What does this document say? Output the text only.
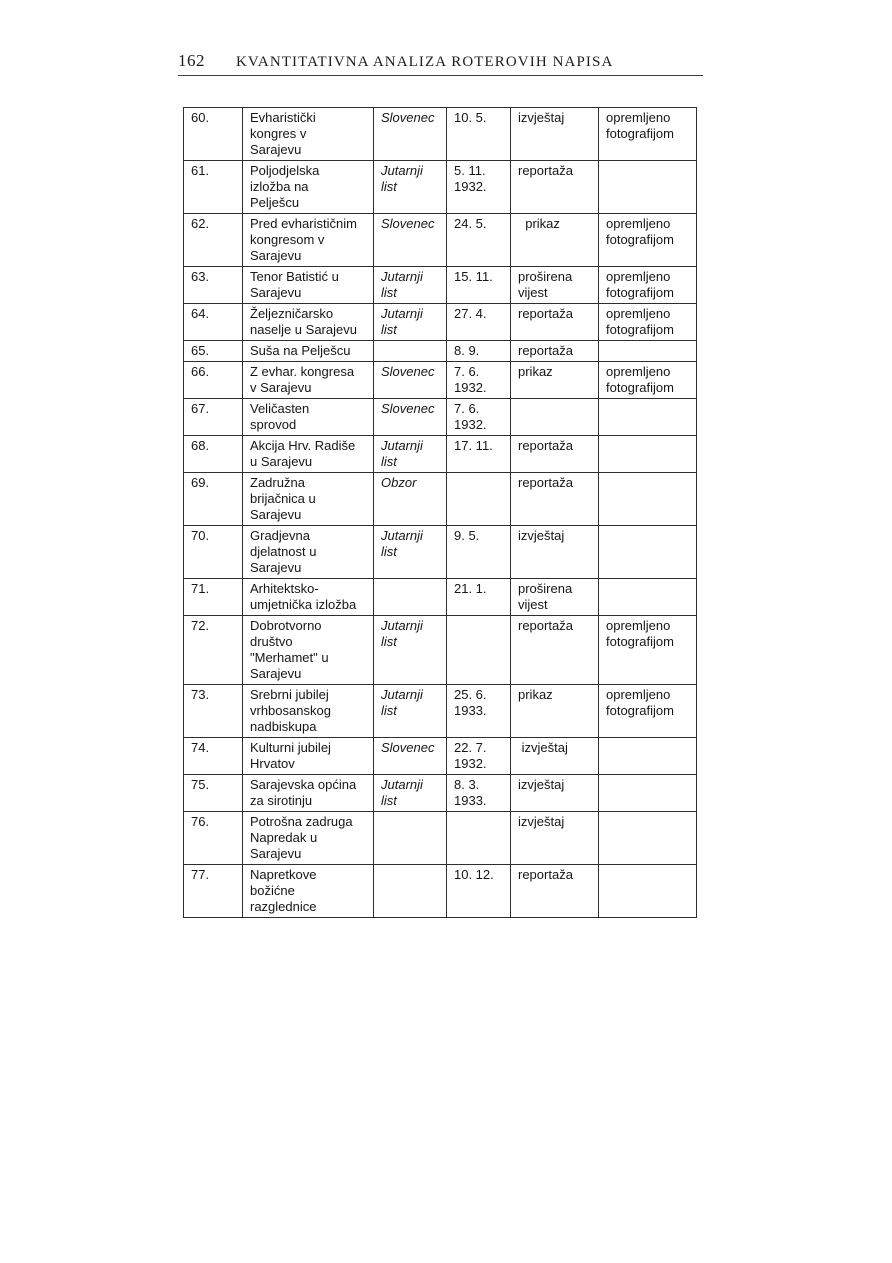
162 KVANTITATIVNA ANALIZA ROTEROVIH NAPISA
60.	Evharistički kongres v Sarajevu	Slovenec	10. 5.	izvještaj	opremljeno fotografijom
61.	Poljodjelska izložba na Pelješcu	Jutarnji list	5. 11. 1932.	reportaža	
62.	Pred evharističnim kongresom v Sarajevu	Slovenec	24. 5.	prikaz	opremljeno fotografijom
63.	Tenor Batistić u Sarajevu	Jutarnji list	15. 11.	proširena vijest	opremljeno fotografijom
64.	Željezničarsko naselje u Sarajevu	Jutarnji list	27. 4.	reportaža	opremljeno fotografijom
65.	Suša na Pelješcu		8. 9.	reportaža	
66.	Z evhar. kongresa v Sarajevu	Slovenec	7. 6. 1932.	prikaz	opremljeno fotografijom
67.	Veličasten sprovod	Slovenec	7. 6. 1932.		
68.	Akcija Hrv. Radiše u Sarajevu	Jutarnji list	17. 11.	reportaža	
69.	Zadružna brijačnica u Sarajevu	Obzor		reportaža	
70.	Gradjevna djelatnost u Sarajevu	Jutarnji list	9. 5.	izvještaj	
71.	Arhitektsko-umjetnička izložba		21. 1.	proširena vijest	
72.	Dobrotvorno društvo "Merhamet" u Sarajevu	Jutarnji list		reportaža	opremljeno fotografijom
73.	Srebrni jubilej vrhbosanskog nadbiskupa	Jutarnji list	25. 6. 1933.	prikaz	opremljeno fotografijom
74.	Kulturni jubilej Hrvatov	Slovenec	22. 7. 1932.	izvještaj	
75.	Sarajevska općina za sirotinju	Jutarnji list	8. 3. 1933.	izvještaj	
76.	Potrošna zadruga Napredak u Sarajevu			izvještaj	
77.	Napretkove božićne razglednice		10. 12.	reportaža	
